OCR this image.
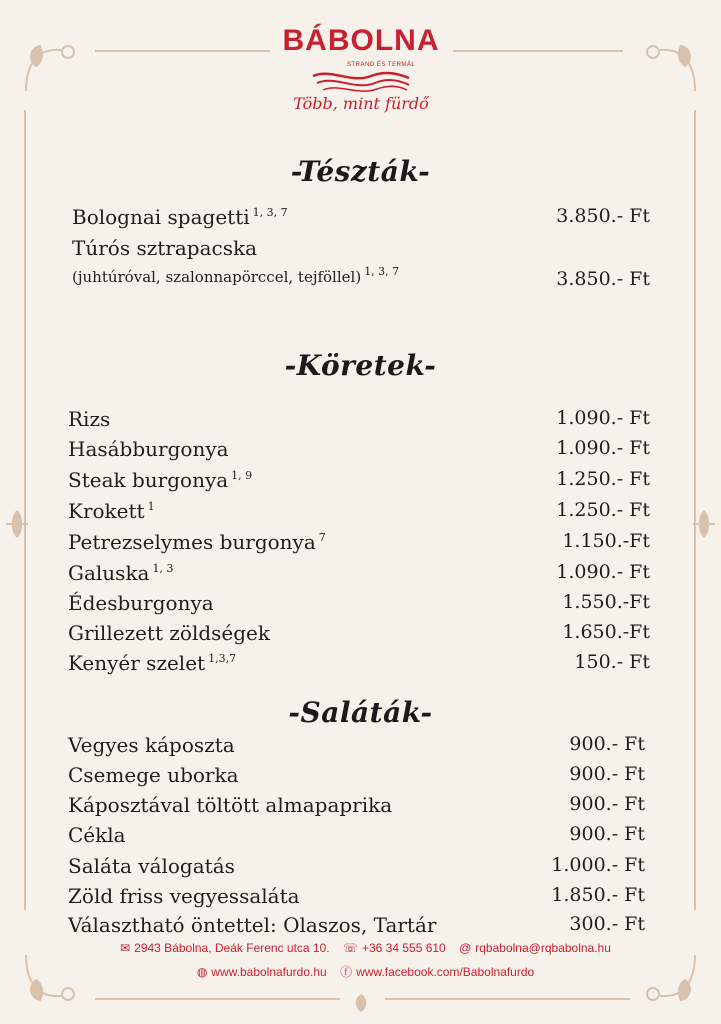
BÁBOLNA
STRAND ÉS TERMÁL
Több, mint fürdő
-Tészták-
Bolognai spagetti $^{1, 3, 7}$	3.850.- Ft
Túrós sztrapacska
(juhtúróval, szalonnapörccel, tejföllel) $^{1, 3, 7}$	3.850.- Ft
-Köretek-
Rizs	1.090.- Ft
Hasábburgonya	1.090.- Ft
Steak burgonya $^{1, 9}$	1.250.- Ft
Krokett $^1$	1.250.- Ft
Petrezselymes burgonya $^7$	1.150.-Ft
Galuska $^{1, 3}$	1.090.- Ft
Édesburgonya	1.550.-Ft
Grillezett zöldségek	1.650.-Ft
Kenyér szelet $^{1,3,7}$	150.- Ft
-Saláták-
Vegyes káposzta	900.- Ft
Csemege uborka	900.- Ft
Káposztával töltött almapaprika	900.- Ft
Cékla	900.- Ft
Saláta válogatás	1.000.- Ft
Zöld friss vegyessaláta	1.850.- Ft
Választható öntettel: Olaszos, Tartár	300.- Ft
✉ 2943 Bábolna, Deák Ferenc utca 10. ☏ +36 34 555 610 @ rqbabolna@rqbabolna.hu
◍ www.babolnafurdo.hu ⓕ www.facebook.com/Babolnafurdo
